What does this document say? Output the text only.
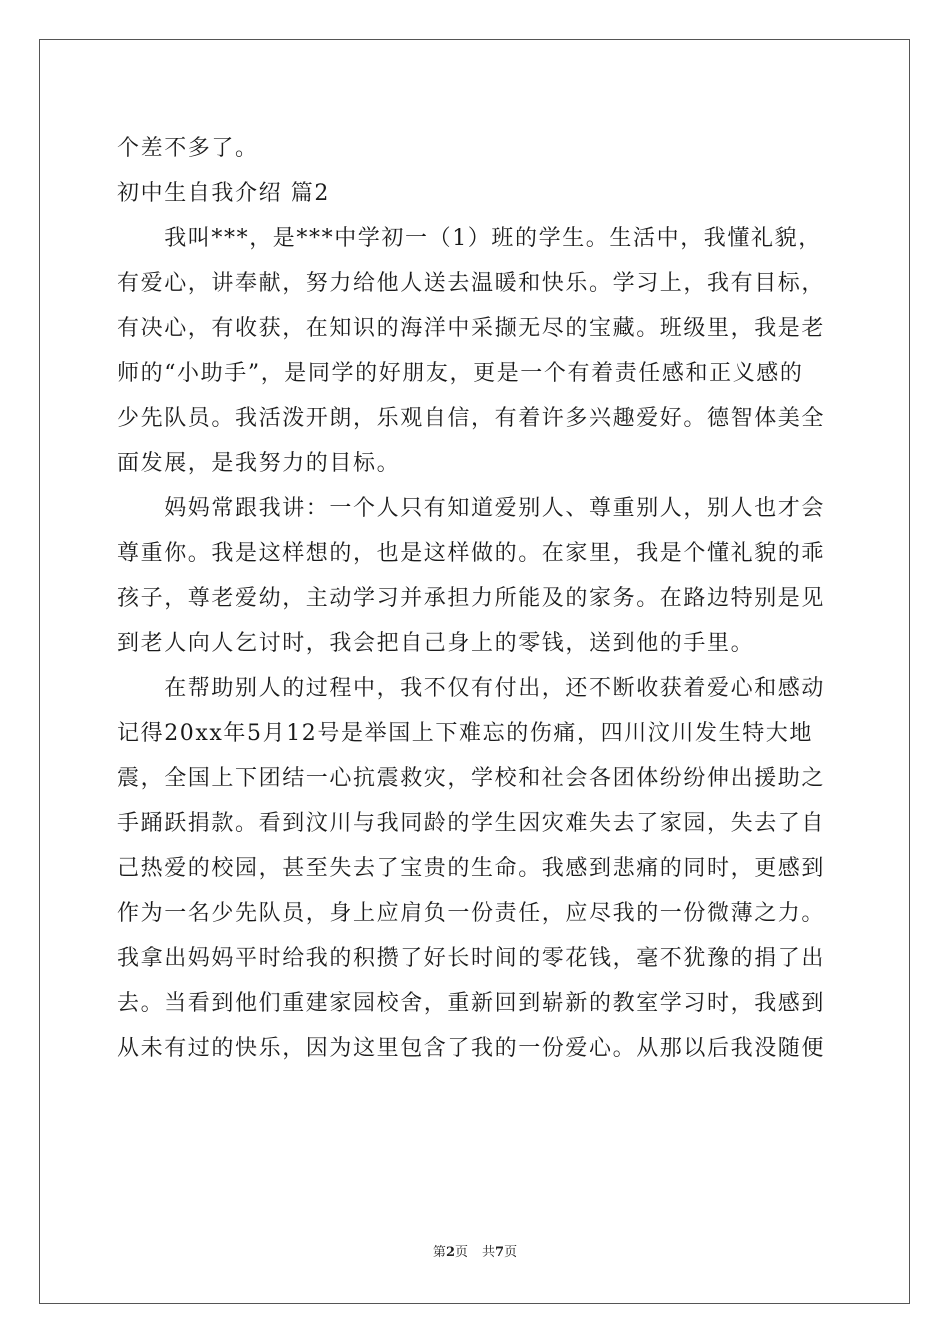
个差不多了。
初中生自我介绍 篇2
　　我叫***，是***中学初一（1）班的学生。生活中，我懂礼貌，
有爱心，讲奉献，努力给他人送去温暖和快乐。学习上，我有目标，
有决心，有收获，在知识的海洋中采撷无尽的宝藏。班级里，我是老
师的“小助手”，是同学的好朋友，更是一个有着责任感和正义感的
少先队员。我活泼开朗，乐观自信，有着许多兴趣爱好。德智体美全
面发展，是我努力的目标。
　　妈妈常跟我讲：一个人只有知道爱别人、尊重别人，别人也才会
尊重你。我是这样想的，也是这样做的。在家里，我是个懂礼貌的乖
孩子，尊老爱幼，主动学习并承担力所能及的家务。在路边特别是见
到老人向人乞讨时，我会把自己身上的零钱，送到他的手里。
　　在帮助别人的过程中，我不仅有付出，还不断收获着爱心和感动
记得20xx年5月12号是举国上下难忘的伤痛，四川汶川发生特大地
震，全国上下团结一心抗震救灾，学校和社会各团体纷纷伸出援助之
手踊跃捐款。看到汶川与我同龄的学生因灾难失去了家园，失去了自
己热爱的校园，甚至失去了宝贵的生命。我感到悲痛的同时，更感到
作为一名少先队员，身上应肩负一份责任，应尽我的一份微薄之力。
我拿出妈妈平时给我的积攒了好长时间的零花钱，毫不犹豫的捐了出
去。当看到他们重建家园校舍，重新回到崭新的教室学习时，我感到
从未有过的快乐，因为这里包含了我的一份爱心。从那以后我没随便
第2页 共7页
